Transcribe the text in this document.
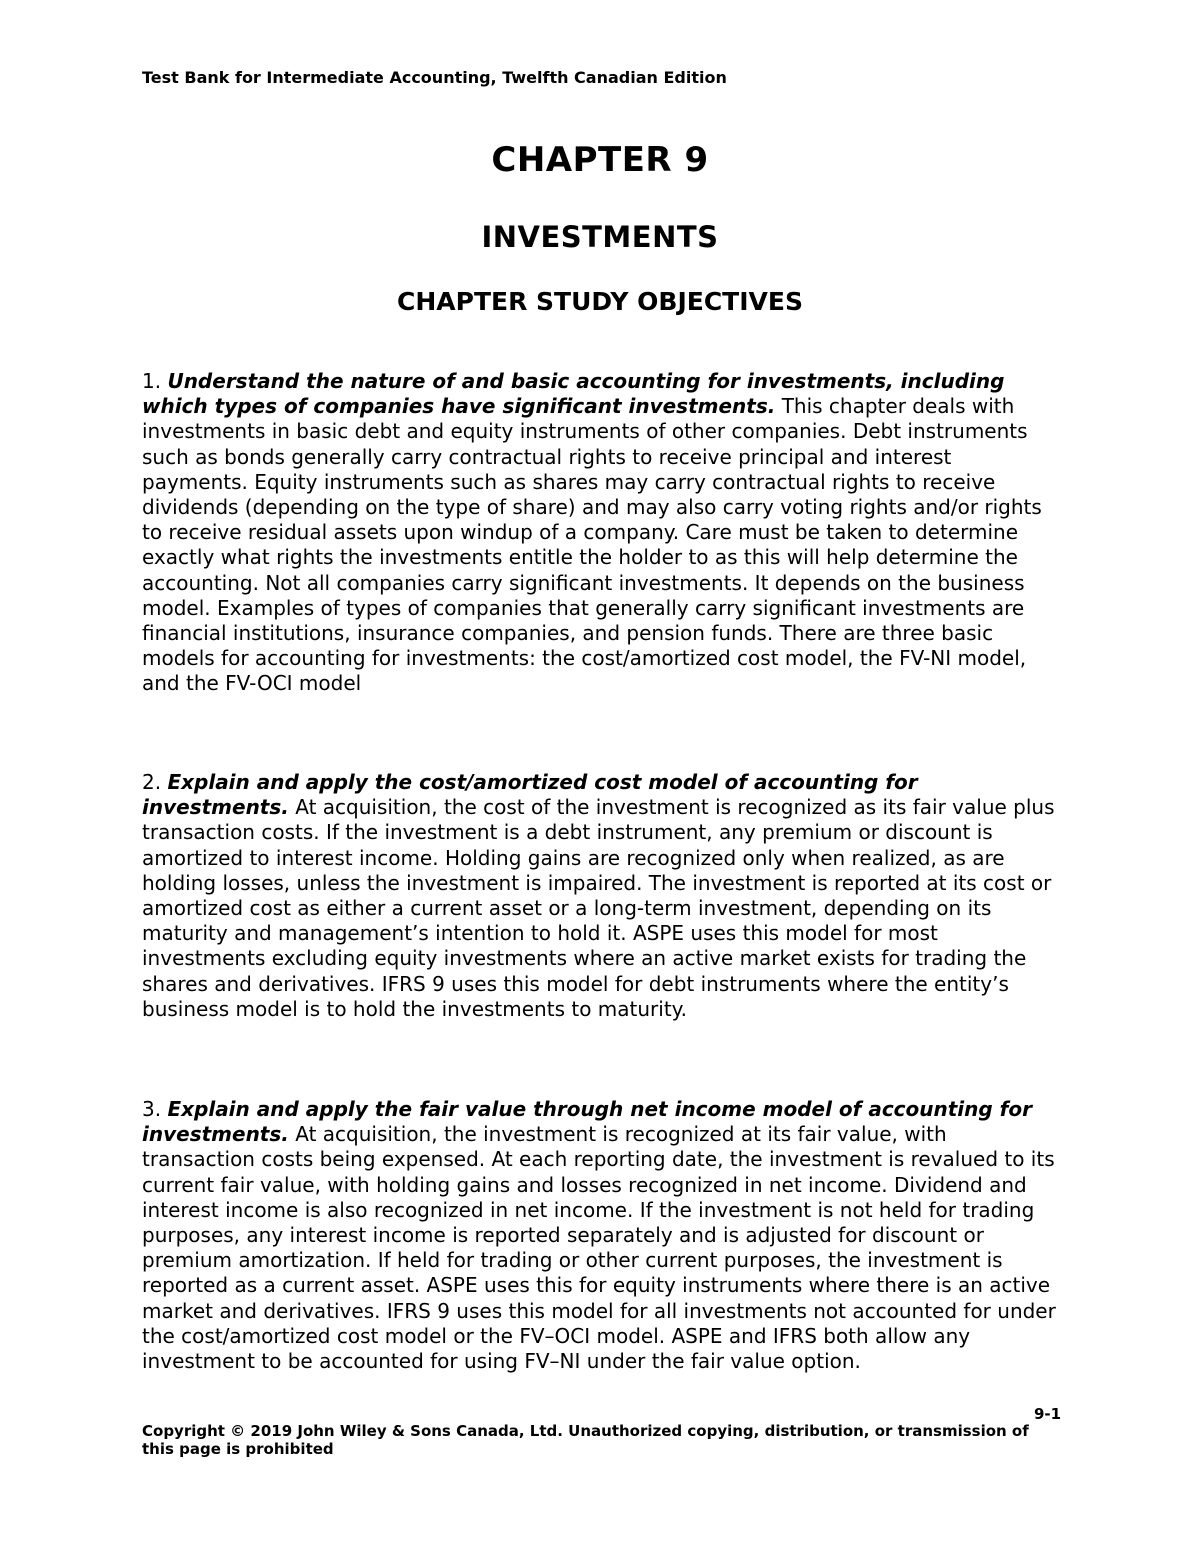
Test Bank for Intermediate Accounting, Twelfth Canadian Edition
CHAPTER 9
INVESTMENTS
CHAPTER STUDY OBJECTIVES

1. Understand the nature of and basic accounting for investments, including which types of companies have significant investments. This chapter deals with investments in basic debt and equity instruments of other companies. Debt instruments such as bonds generally carry contractual rights to receive principal and interest payments. Equity instruments such as shares may carry contractual rights to receive dividends (depending on the type of share) and may also carry voting rights and/or rights to receive residual assets upon windup of a company. Care must be taken to determine exactly what rights the investments entitle the holder to as this will help determine the accounting. Not all companies carry significant investments. It depends on the business model. Examples of types of companies that generally carry significant investments are financial institutions, insurance companies, and pension funds. There are three basic models for accounting for investments: the cost/amortized cost model, the FV-NI model, and the FV-OCI model

2. Explain and apply the cost/amortized cost model of accounting for investments. At acquisition, the cost of the investment is recognized as its fair value plus transaction costs. If the investment is a debt instrument, any premium or discount is amortized to interest income. Holding gains are recognized only when realized, as are holding losses, unless the investment is impaired. The investment is reported at its cost or amortized cost as either a current asset or a long-term investment, depending on its maturity and management’s intention to hold it. ASPE uses this model for most investments excluding equity investments where an active market exists for trading the shares and derivatives. IFRS 9 uses this model for debt instruments where the entity’s business model is to hold the investments to maturity.

3. Explain and apply the fair value through net income model of accounting for investments. At acquisition, the investment is recognized at its fair value, with transaction costs being expensed. At each reporting date, the investment is revalued to its current fair value, with holding gains and losses recognized in net income. Dividend and interest income is also recognized in net income. If the investment is not held for trading purposes, any interest income is reported separately and is adjusted for discount or premium amortization. If held for trading or other current purposes, the investment is reported as a current asset. ASPE uses this for equity instruments where there is an active market and derivatives. IFRS 9 uses this model for all investments not accounted for under the cost/amortized cost model or the FV–OCI model. ASPE and IFRS both allow any investment to be accounted for using FV–NI under the fair value option.

9-1
Copyright © 2019 John Wiley & Sons Canada, Ltd. Unauthorized copying, distribution, or transmission of this page is prohibited
